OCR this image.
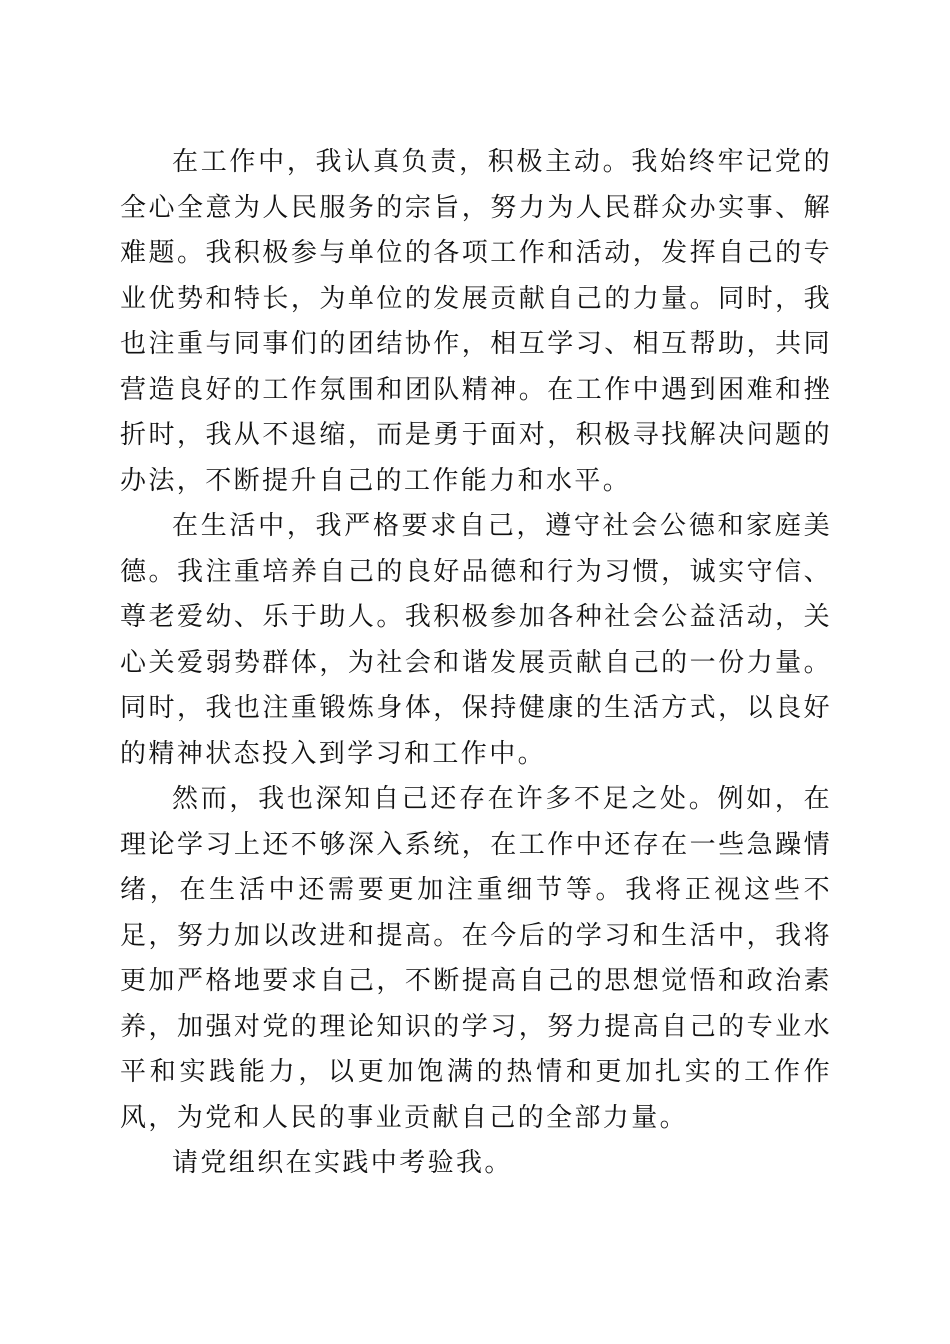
在工作中，我认真负责，积极主动。我始终牢记党的全心全意为人民服务的宗旨，努力为人民群众办实事、解难题。我积极参与单位的各项工作和活动，发挥自己的专业优势和特长，为单位的发展贡献自己的力量。同时，我也注重与同事们的团结协作，相互学习、相互帮助，共同营造良好的工作氛围和团队精神。在工作中遇到困难和挫折时，我从不退缩，而是勇于面对，积极寻找解决问题的办法，不断提升自己的工作能力和水平。

在生活中，我严格要求自己，遵守社会公德和家庭美德。我注重培养自己的良好品德和行为习惯，诚实守信、尊老爱幼、乐于助人。我积极参加各种社会公益活动，关心关爱弱势群体，为社会和谐发展贡献自己的一份力量。同时，我也注重锻炼身体，保持健康的生活方式，以良好的精神状态投入到学习和工作中。

然而，我也深知自己还存在许多不足之处。例如，在理论学习上还不够深入系统，在工作中还存在一些急躁情绪，在生活中还需要更加注重细节等。我将正视这些不足，努力加以改进和提高。在今后的学习和生活中，我将更加严格地要求自己，不断提高自己的思想觉悟和政治素养，加强对党的理论知识的学习，努力提高自己的专业水平和实践能力，以更加饱满的热情和更加扎实的工作作风，为党和人民的事业贡献自己的全部力量。

请党组织在实践中考验我。
